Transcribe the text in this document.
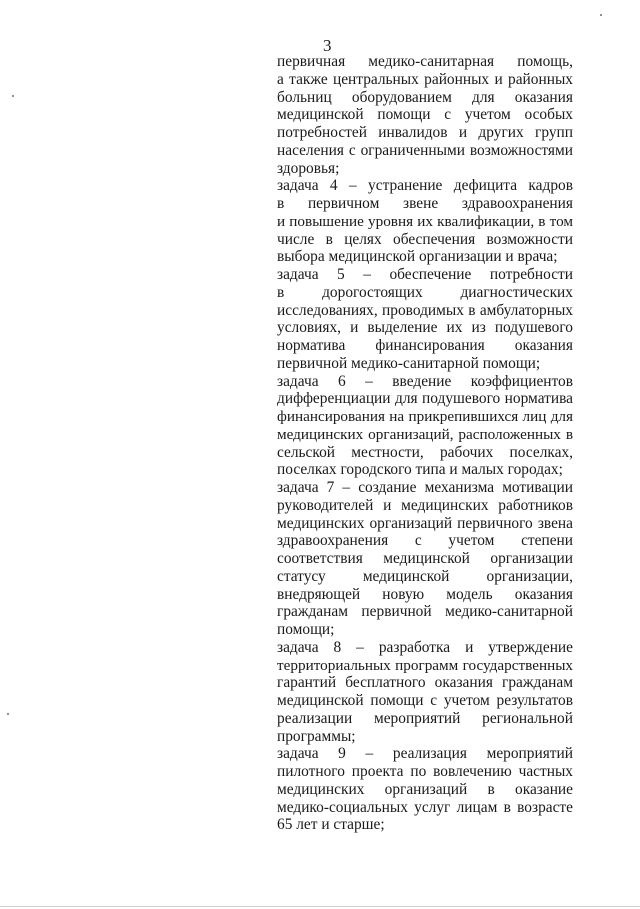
3
первичная медико-санитарная помощь,
а также центральных районных и районных
больниц оборудованием для оказания
медицинской помощи с учетом особых
потребностей инвалидов и других групп
населения с ограниченными возможностями
здоровья;
задача 4 – устранение дефицита кадров
в первичном звене здравоохранения
и повышение уровня их квалификации, в том
числе в целях обеспечения возможности
выбора медицинской организации и врача;
задача 5 – обеспечение потребности
в дорогостоящих диагностических
исследованиях, проводимых в амбулаторных
условиях, и выделение их из подушевого
норматива финансирования оказания
первичной медико-санитарной помощи;
задача 6 – введение коэффициентов
дифференциации для подушевого норматива
финансирования на прикрепившихся лиц для
медицинских организаций, расположенных в
сельской местности, рабочих поселках,
поселках городского типа и малых городах;
задача 7 – создание механизма мотивации
руководителей и медицинских работников
медицинских организаций первичного звена
здравоохранения с учетом степени
соответствия медицинской организации
статусу медицинской организации,
внедряющей новую модель оказания
гражданам первичной медико-санитарной
помощи;
задача 8 – разработка и утверждение
территориальных программ государственных
гарантий бесплатного оказания гражданам
медицинской помощи с учетом результатов
реализации мероприятий региональной
программы;
задача 9 – реализация мероприятий
пилотного проекта по вовлечению частных
медицинских организаций в оказание
медико-социальных услуг лицам в возрасте
65 лет и старше;
